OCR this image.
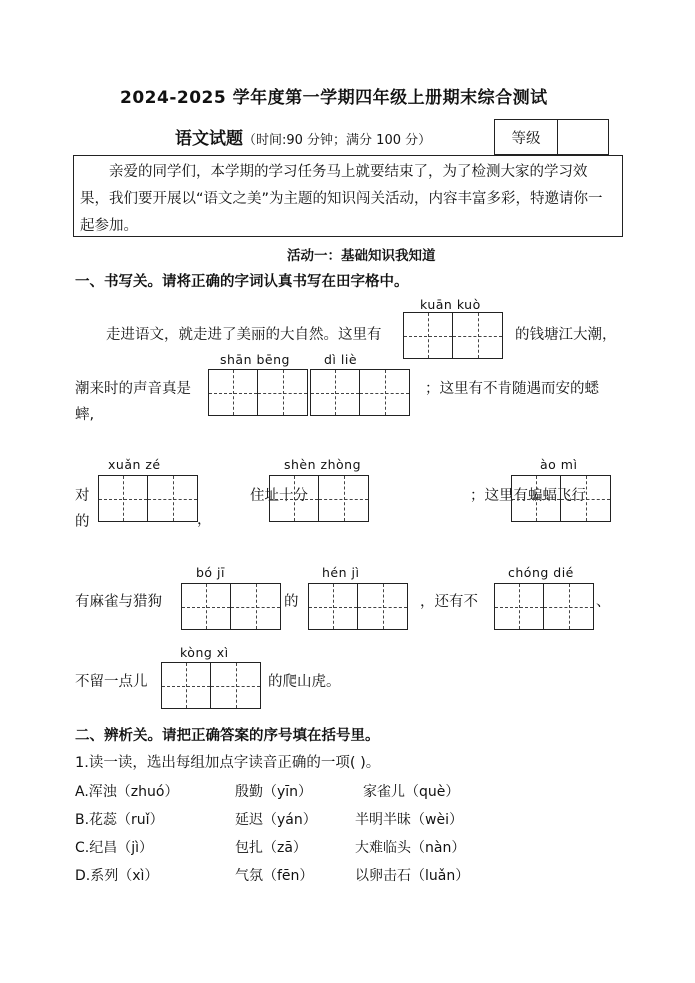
2024-2025 学年度第一学期四年级上册期末综合测试
语文试题（时间:90 分钟；满分 100 分）	等级
亲爱的同学们，本学期的学习任务马上就要结束了，为了检测大家的学习效果，我们要开展以“语文之美”为主题的知识闯关活动，内容丰富多彩，特邀请你一起参加。
活动一：基础知识我知道
一、书写关。请将正确的字词认真书写在田字格中。
kuān kuò
走进语文，就走进了美丽的大自然。这里有	的钱塘江大潮，
shān bēng	dì liè
潮来时的声音真是	；这里有不肯随遇而安的蟋
蟀,
xuǎn zé	shèn zhòng	ào mì
对
的	，
住址十分	；这里有蝙蝠飞行
bó jī	hén jì	chóng dié
有麻雀与猎狗	的	，还有不	、
kòng xì
不留一点儿	的爬山虎。
二、辨析关。请把正确答案的序号填在括号里。
1.读一读，选出每组加点字读音正确的一项( )。
A.浑浊（zhuó）	殷勤（yīn）	家雀儿（què）
B.花蕊（ruǐ）	延迟（yán）	半明半昧（wèi）
C.纪昌（jì）	包扎（zā）	大难临头（nàn）
D.系列（xì）	气氛（fēn）	以卵击石（luǎn）
